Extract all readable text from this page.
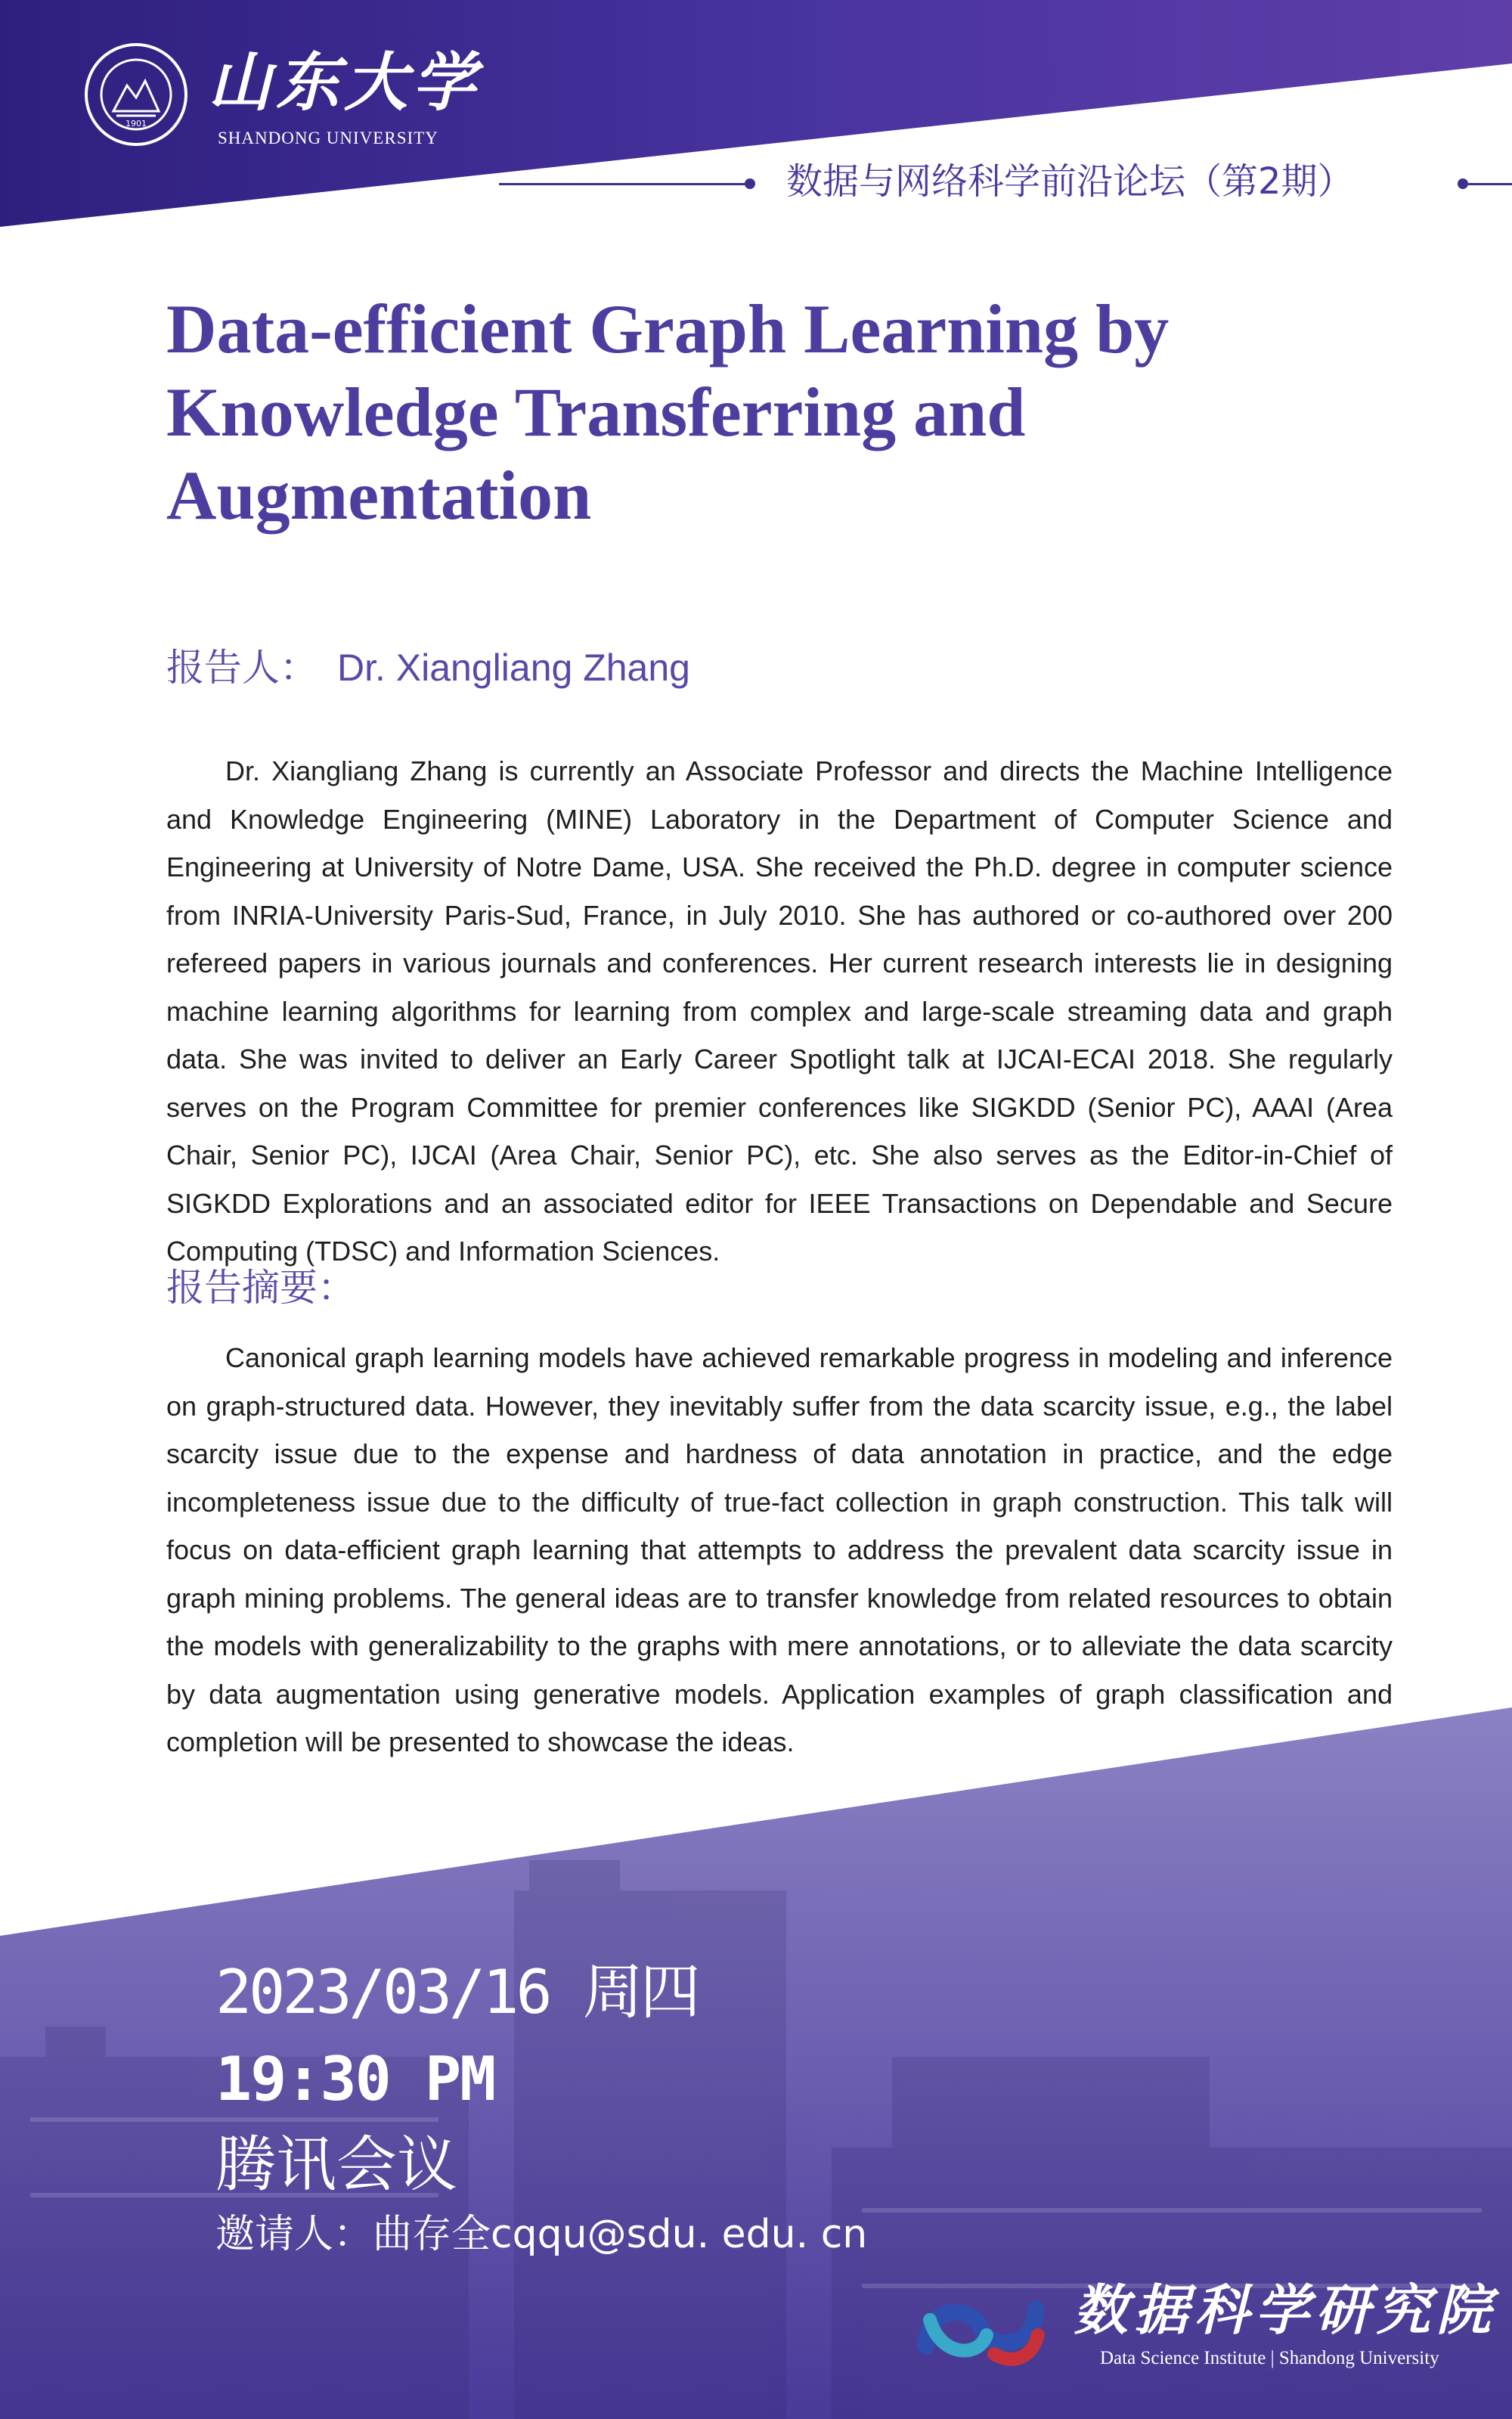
1901
山东大学
SHANDONG UNIVERSITY
数据与网络科学前沿论坛（第2期）
Data-efficient Graph Learning by Knowledge Transferring and Augmentation
报告人： Dr. Xiangliang Zhang

Dr. Xiangliang Zhang is currently an Associate Professor and directs the Machine Intelligence and Knowledge Engineering (MINE) Laboratory in the Department of Computer Science and Engineering at University of Notre Dame, USA. She received the Ph.D. degree in computer science from INRIA-University Paris-Sud, France, in July 2010. She has authored or co-authored over 200 refereed papers in various journals and conferences. Her current research interests lie in designing machine learning algorithms for learning from complex and large-scale streaming data and graph data. She was invited to deliver an Early Career Spotlight talk at IJCAI-ECAI 2018. She regularly serves on the Program Committee for premier conferences like SIGKDD (Senior PC), AAAI (Area Chair, Senior PC), IJCAI (Area Chair, Senior PC), etc. She also serves as the Editor-in-Chief of SIGKDD Explorations and an associated editor for IEEE Transactions on Dependable and Secure Computing (TDSC) and Information Sciences.

报告摘要：

Canonical graph learning models have achieved remarkable progress in modeling and inference on graph-structured data. However, they inevitably suffer from the data scarcity issue, e.g., the label scarcity issue due to the expense and hardness of data annotation in practice, and the edge incompleteness issue due to the difficulty of true-fact collection in graph construction. This talk will focus on data-efficient graph learning that attempts to address the prevalent data scarcity issue in graph mining problems. The general ideas are to transfer knowledge from related resources to obtain the models with generalizability to the graphs with mere annotations, or to alleviate the data scarcity by data augmentation using generative models. Application examples of graph classification and completion will be presented to showcase the ideas.

2023/03/16 周四
19:30 PM
腾讯会议
邀请人：曲存全cqqu@sdu. edu. cn
数据科学研究院
Data Science Institute | Shandong University
